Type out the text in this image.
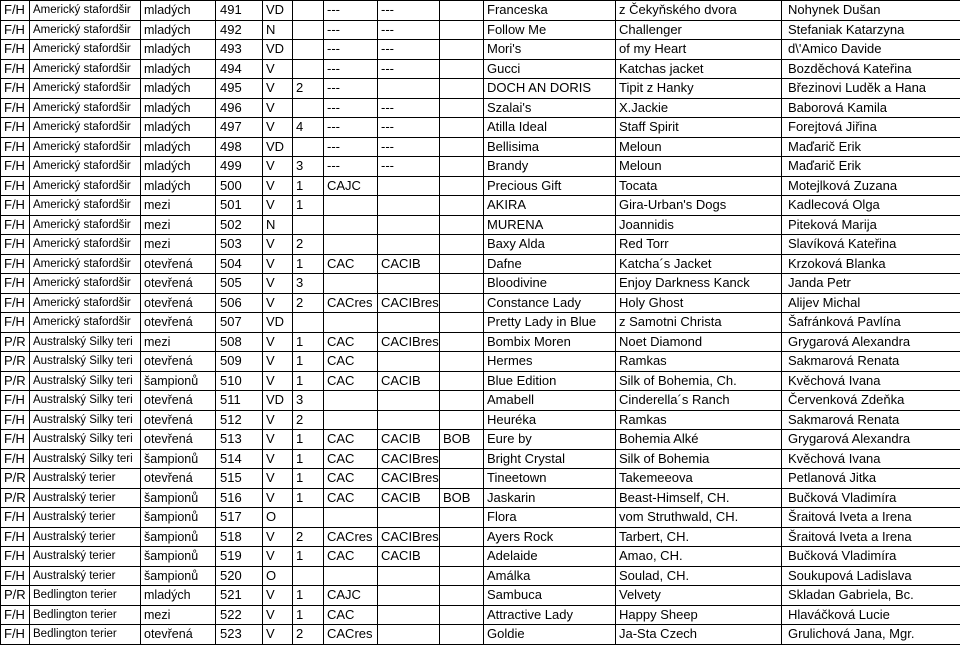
F/H	Americký stafordšir	mladých	491	VD		---	---		Franceska	z Čekyňského dvora	Nohynek Dušan
F/H	Americký stafordšir	mladých	492	N		---	---		Follow Me	Challenger	Stefaniak Katarzyna
F/H	Americký stafordšir	mladých	493	VD		---	---		Mori's	of my Heart	d\'Amico Davide
F/H	Americký stafordšir	mladých	494	V		---	---		Gucci	Katchas jacket	Bozděchová Kateřina
F/H	Americký stafordšir	mladých	495	V	2	---			DOCH AN DORIS	Tipit z Hanky	Březinovi Luděk a Hana
F/H	Americký stafordšir	mladých	496	V		---	---		Szalai's	X.Jackie	Baborová Kamila
F/H	Americký stafordšir	mladých	497	V	4	---	---		Atilla Ideal	Staff Spirit	Forejtová Jiřina
F/H	Americký stafordšir	mladých	498	VD		---	---		Bellisima	Meloun	Maďarič Erik
F/H	Americký stafordšir	mladých	499	V	3	---	---		Brandy	Meloun	Maďarič Erik
F/H	Americký stafordšir	mladých	500	V	1	CAJC			Precious Gift	Tocata	Motejlková Zuzana
F/H	Americký stafordšir	mezi	501	V	1				AKIRA	Gira-Urban's Dogs	Kadlecová Olga
F/H	Americký stafordšir	mezi	502	N					MURENA	Joannidis	Piteková Marija
F/H	Americký stafordšir	mezi	503	V	2				Baxy Alda	Red Torr	Slavíková Kateřina
F/H	Americký stafordšir	otevřená	504	V	1	CAC	CACIB		Dafne	Katcha´s Jacket	Krzoková Blanka
F/H	Americký stafordšir	otevřená	505	V	3				Bloodivine	Enjoy Darkness Kanck	Janda Petr
F/H	Americký stafordšir	otevřená	506	V	2	CACres	CACIBres		Constance Lady	Holy Ghost	Alijev Michal
F/H	Americký stafordšir	otevřená	507	VD					Pretty Lady in Blue	z Samotni Christa	Šafránková Pavlína
P/R	Australský Silky teri	mezi	508	V	1	CAC	CACIBres		Bombix Moren	Noet Diamond	Grygarová Alexandra
P/R	Australský Silky teri	otevřená	509	V	1	CAC			Hermes	Ramkas	Sakmarová Renata
P/R	Australský Silky teri	šampionů	510	V	1	CAC	CACIB		Blue Edition	Silk of Bohemia, Ch.	Kvěchová Ivana
F/H	Australský Silky teri	otevřená	511	VD	3				Amabell	Cinderella´s Ranch	Červenková Zdeňka
F/H	Australský Silky teri	otevřená	512	V	2				Heuréka	Ramkas	Sakmarová Renata
F/H	Australský Silky teri	otevřená	513	V	1	CAC	CACIB	BOB	Eure by	Bohemia Alké	Grygarová Alexandra
F/H	Australský Silky teri	šampionů	514	V	1	CAC	CACIBres		Bright Crystal	Silk of Bohemia	Kvěchová Ivana
P/R	Australský terier	otevřená	515	V	1	CAC	CACIBres		Tineetown	Takemeeova	Petlanová Jitka
P/R	Australský terier	šampionů	516	V	1	CAC	CACIB	BOB	Jaskarin	Beast-Himself, CH.	Bučková Vladimíra
F/H	Australský terier	šampionů	517	O					Flora	vom Struthwald, CH.	Šraitová Iveta a Irena
F/H	Australský terier	šampionů	518	V	2	CACres	CACIBres		Ayers Rock	Tarbert, CH.	Šraitová Iveta a Irena
F/H	Australský terier	šampionů	519	V	1	CAC	CACIB		Adelaide	Amao, CH.	Bučková Vladimíra
F/H	Australský terier	šampionů	520	O					Amálka	Soulad, CH.	Soukupová Ladislava
P/R	Bedlington terier	mladých	521	V	1	CAJC			Sambuca	Velvety	Skladan Gabriela, Bc.
F/H	Bedlington terier	mezi	522	V	1	CAC			Attractive Lady	Happy Sheep	Hlaváčková Lucie
F/H	Bedlington terier	otevřená	523	V	2	CACres			Goldie	Ja-Sta Czech	Grulichová Jana, Mgr.
